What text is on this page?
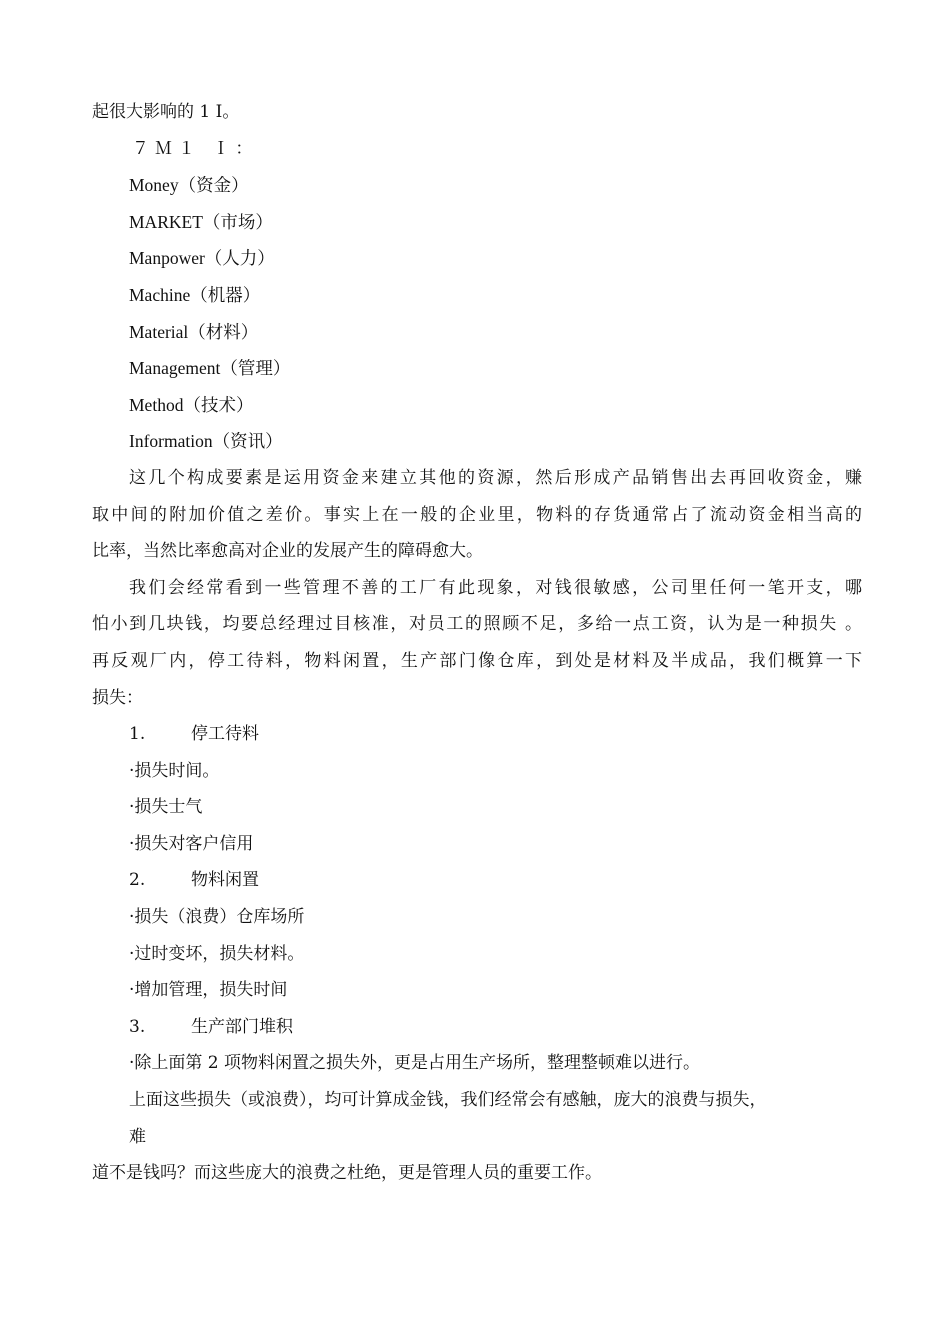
起很大影响的 1 I。
７Ｍ１ Ｉ：
Money（资金）
MARKET（市场）
Manpower（人力）
Machine（机器）
Material（材料）
Management（管理）
Method（技术）
Information（资讯）
这几个构成要素是运用资金来建立其他的资源，然后形成产品销售出去再回收资金，赚
取中间的附加价值之差价。事实上在一般的企业里，物料的存货通常占了流动资金相当高的
比率，当然比率愈高对企业的发展产生的障碍愈大。
我们会经常看到一些管理不善的工厂有此现象，对钱很敏感，公司里任何一笔开支，哪
怕小到几块钱，均要总经理过目核准，对员工的照顾不足，多给一点工资，认为是一种损失 。
再反观厂内，停工待料，物料闲置，生产部门像仓库，到处是材料及半成品，我们概算一下
损失：
1.	停工待料
·损失时间。
·损失士气
·损失对客户信用
2.	物料闲置
·损失（浪费）仓库场所
·过时变坏，损失材料。
·增加管理，损失时间
3.	生产部门堆积
·除上面第 2 项物料闲置之损失外，更是占用生产场所，整理整顿难以进行。
上面这些损失（或浪费），均可计算成金钱，我们经常会有感触，庞大的浪费与损失，
难
道不是钱吗？而这些庞大的浪费之杜绝，更是管理人员的重要工作。
